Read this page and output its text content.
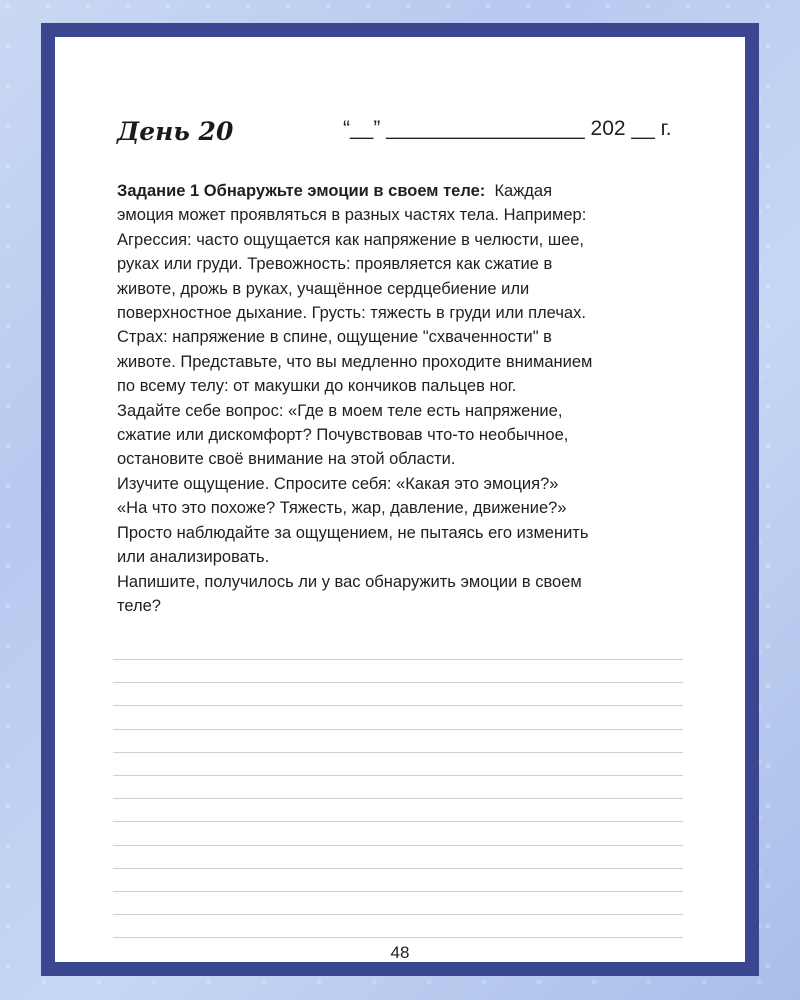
День 20	“__” _________________ 202 __ г.
Задание 1 Обнаружьте эмоции в своем теле: Каждая
эмоция может проявляться в разных частях тела. Например:
Агрессия: часто ощущается как напряжение в челюсти, шее,
руках или груди. Тревожность: проявляется как сжатие в
животе, дрожь в руках, учащённое сердцебиение или
поверхностное дыхание. Грусть: тяжесть в груди или плечах.
Страх: напряжение в спине, ощущение "схваченности" в
животе. Представьте, что вы медленно проходите вниманием
по всему телу: от макушки до кончиков пальцев ног.
Задайте себе вопрос: «Где в моем теле есть напряжение,
сжатие или дискомфорт? Почувствовав что-то необычное,
остановите своё внимание на этой области.
Изучите ощущение. Спросите себя: «Какая это эмоция?»
«На что это похоже? Тяжесть, жар, давление, движение?»
Просто наблюдайте за ощущением, не пытаясь его изменить
или анализировать.
Напишите, получилось ли у вас обнаружить эмоции в своем
теле?
48
